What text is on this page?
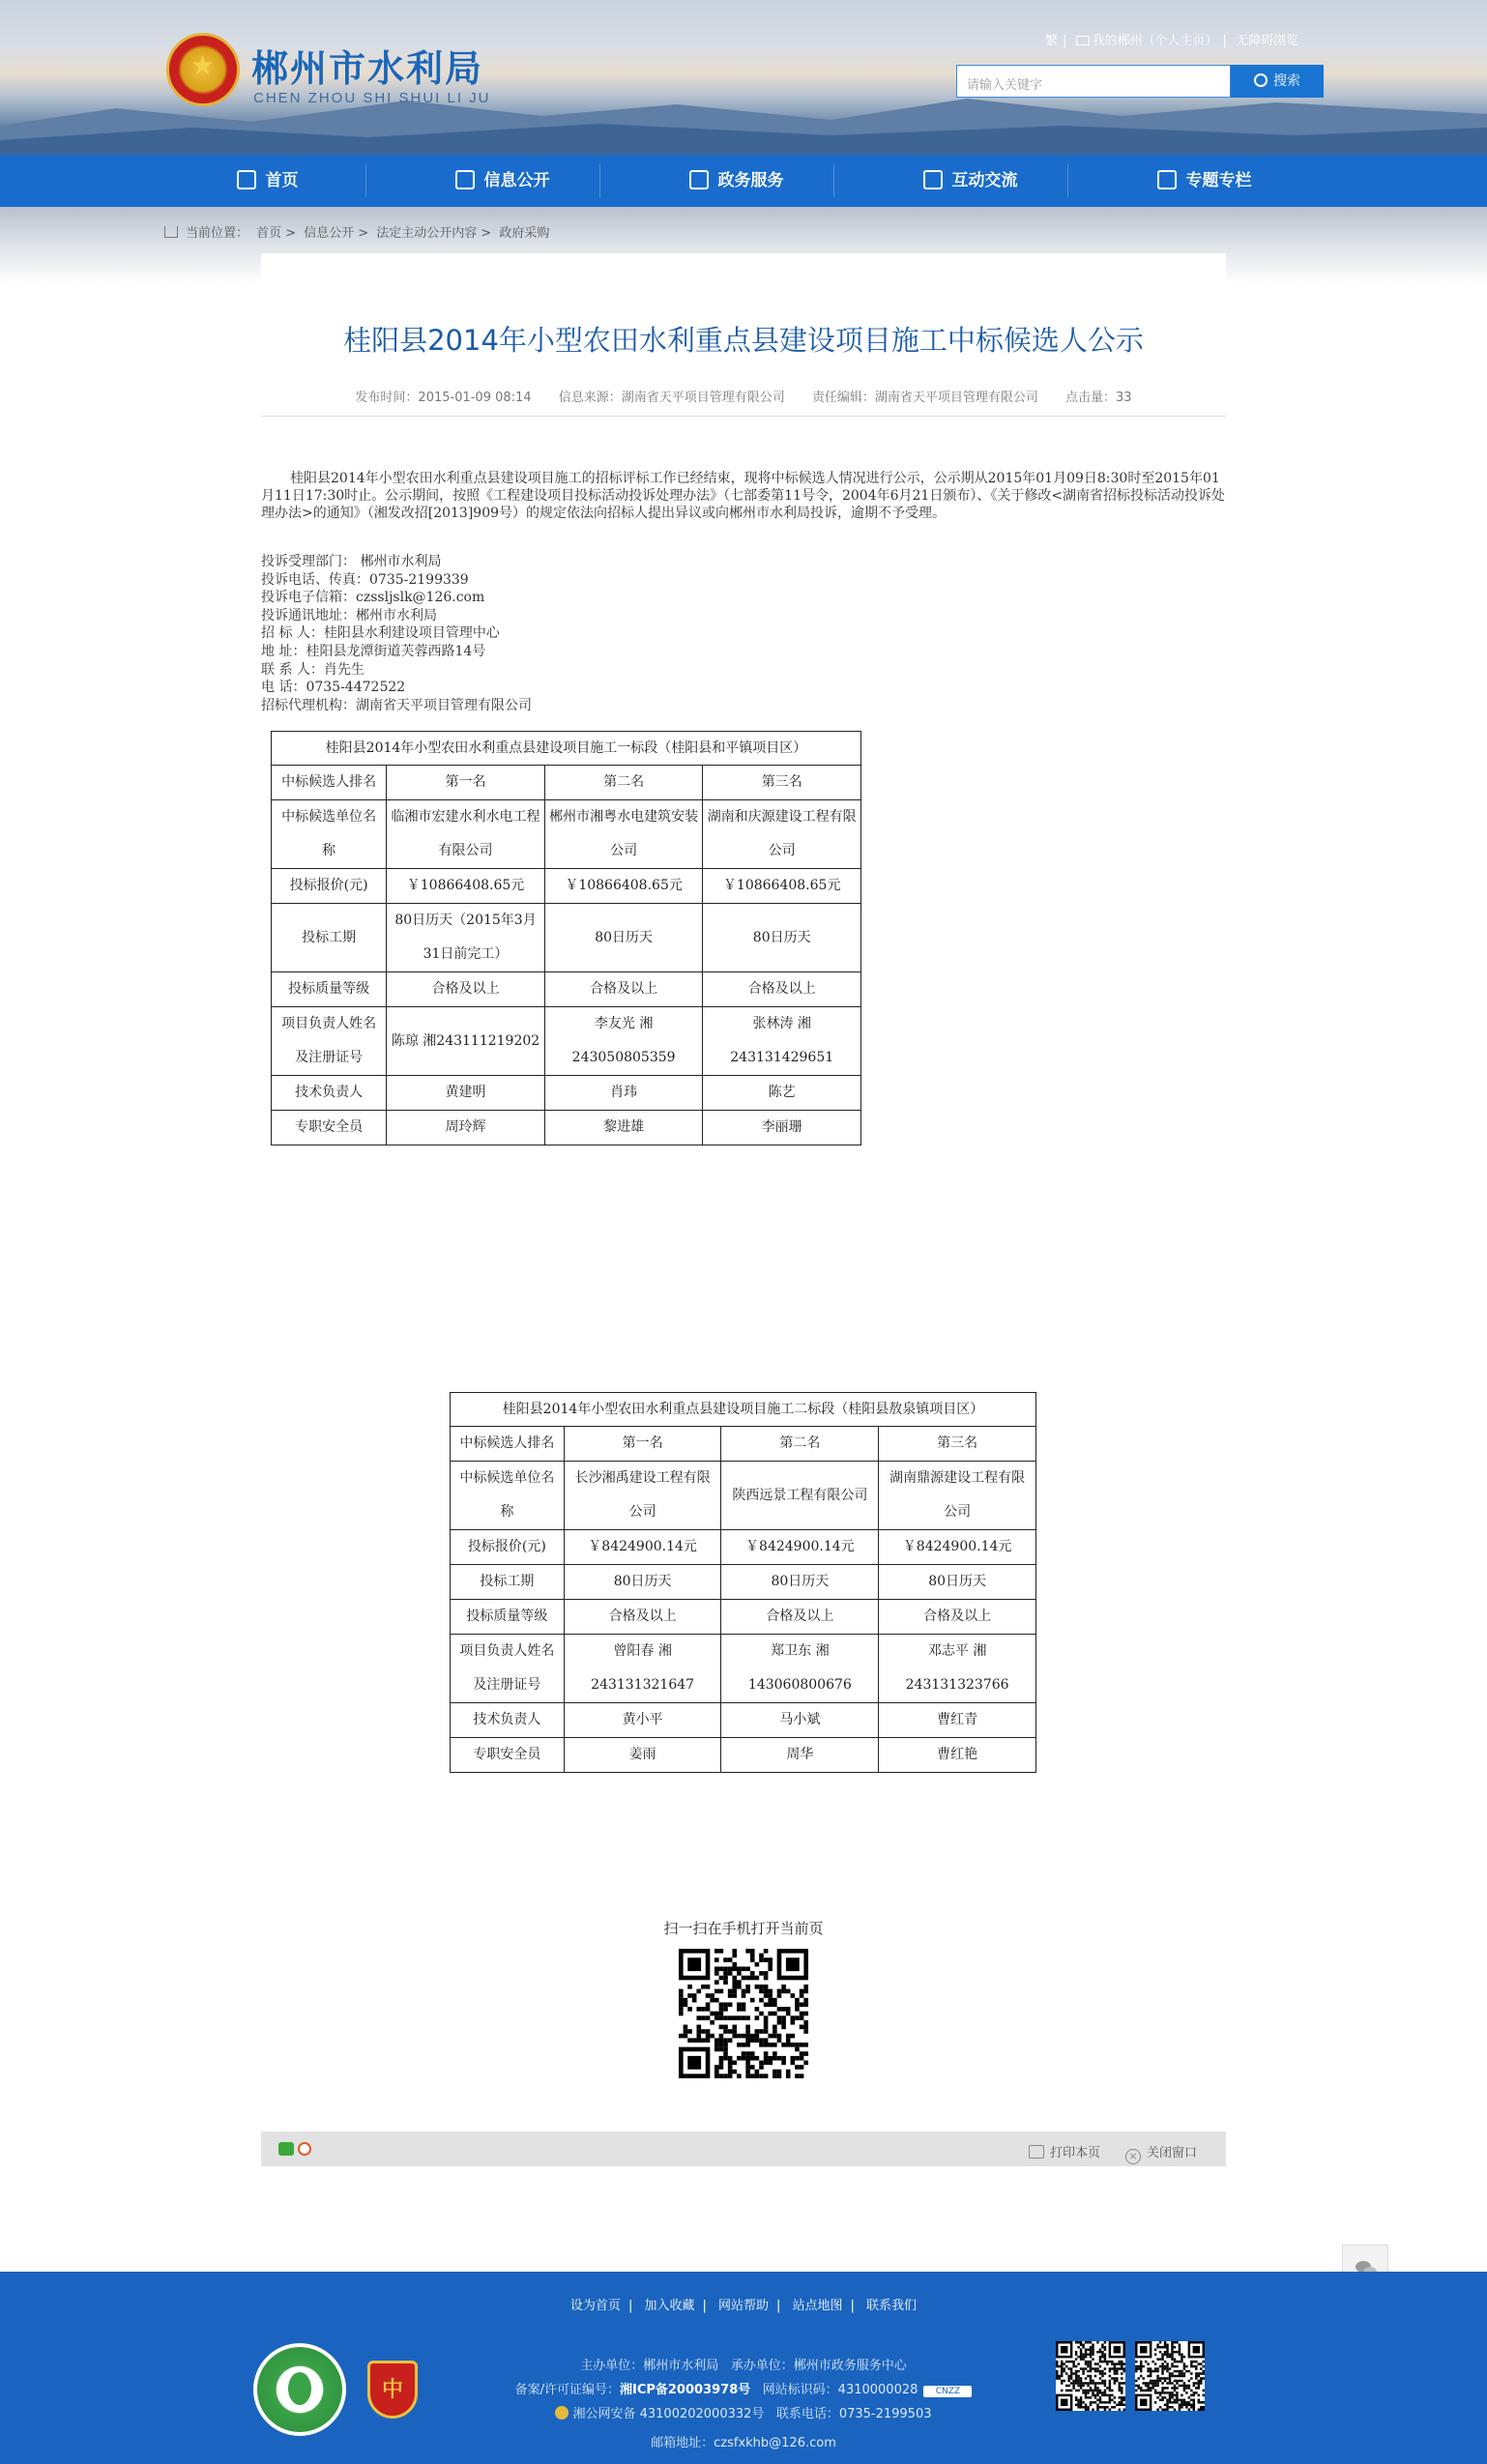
★ 郴州市水利局
CHEN ZHOU SHI SHUI LI JU
繁 | 我的郴州（个人主页） | 无障碍浏览
请输入关键字	搜索
首页	信息公开	政务服务	互动交流	专题专栏
当前位置： 首页 > 信息公开 > 法定主动公开内容 > 政府采购
桂阳县2014年小型农田水利重点县建设项目施工中标候选人公示
发布时间：2015-01-09 08:14 信息来源：湖南省天平项目管理有限公司 责任编辑：湖南省天平项目管理有限公司 点击量：33
桂阳县2014年小型农田水利重点县建设项目施工的招标评标工作已经结束，现将中标候选人情况进行公示，公示期从2015年01月09日8:30时至2015年01月11日17:30时止。公示期间，按照《工程建设项目投标活动投诉处理办法》（七部委第11号令，2004年6月21日颁布）、《关于修改<湖南省招标投标活动投诉处理办法>的通知》（湘发改招[2013]909号）的规定依法向招标人提出异议或向郴州市水利局投诉，逾期不予受理。
投诉受理部门： 郴州市水利局
投诉电话、传真：0735-2199339
投诉电子信箱：czssljslk@126.com
投诉通讯地址：郴州市水利局
招 标 人：桂阳县水利建设项目管理中心
地 址：桂阳县龙潭街道芙蓉西路14号
联 系 人：肖先生
电 话：0735-4472522
招标代理机构：湖南省天平项目管理有限公司
桂阳县2014年小型农田水利重点县建设项目施工一标段（桂阳县和平镇项目区）			
中标候选人排名	第一名	第二名	第三名
中标候选单位名称	临湘市宏建水利水电工程有限公司	郴州市湘粤水电建筑安装公司	湖南和庆源建设工程有限公司
投标报价(元)	￥10866408.65元	￥10866408.65元	￥10866408.65元
投标工期	80日历天（2015年3月31日前完工）	80日历天	80日历天
投标质量等级	合格及以上	合格及以上	合格及以上
项目负责人姓名及注册证号	陈琼 湘243111219202	李友光 湘243050805359	张林涛 湘243131429651
技术负责人	黄建明	肖玮	陈艺
专职安全员	周玲辉	黎进雄	李丽珊
桂阳县2014年小型农田水利重点县建设项目施工二标段（桂阳县敖泉镇项目区）			
中标候选人排名	第一名	第二名	第三名
中标候选单位名称	长沙湘禹建设工程有限公司	陕西远景工程有限公司	湖南鼎源建设工程有限公司
投标报价(元)	￥8424900.14元	￥8424900.14元	￥8424900.14元
投标工期	80日历天	80日历天	80日历天
投标质量等级	合格及以上	合格及以上	合格及以上
项目负责人姓名及注册证号	曾阳春 湘243131321647	郑卫东 湘143060800676	邓志平 湘243131323766
技术负责人	黄小平	马小斌	曹红青
专职安全员	姜雨	周华	曹红艳
扫一扫在手机打开当前页
打印本页	× 关闭窗口
设为首页 | 加入收藏 | 网站帮助 | 站点地图 | 联系我们
中
主办单位：郴州市水利局 承办单位：郴州市政务服务中心
备案/许可证编号：湘ICP备20003978号 网站标识码：4310000028 CNZZ
湘公网安备 43100202000332号 联系电话：0735-2199503
邮箱地址：czsfxkhb@126.com
